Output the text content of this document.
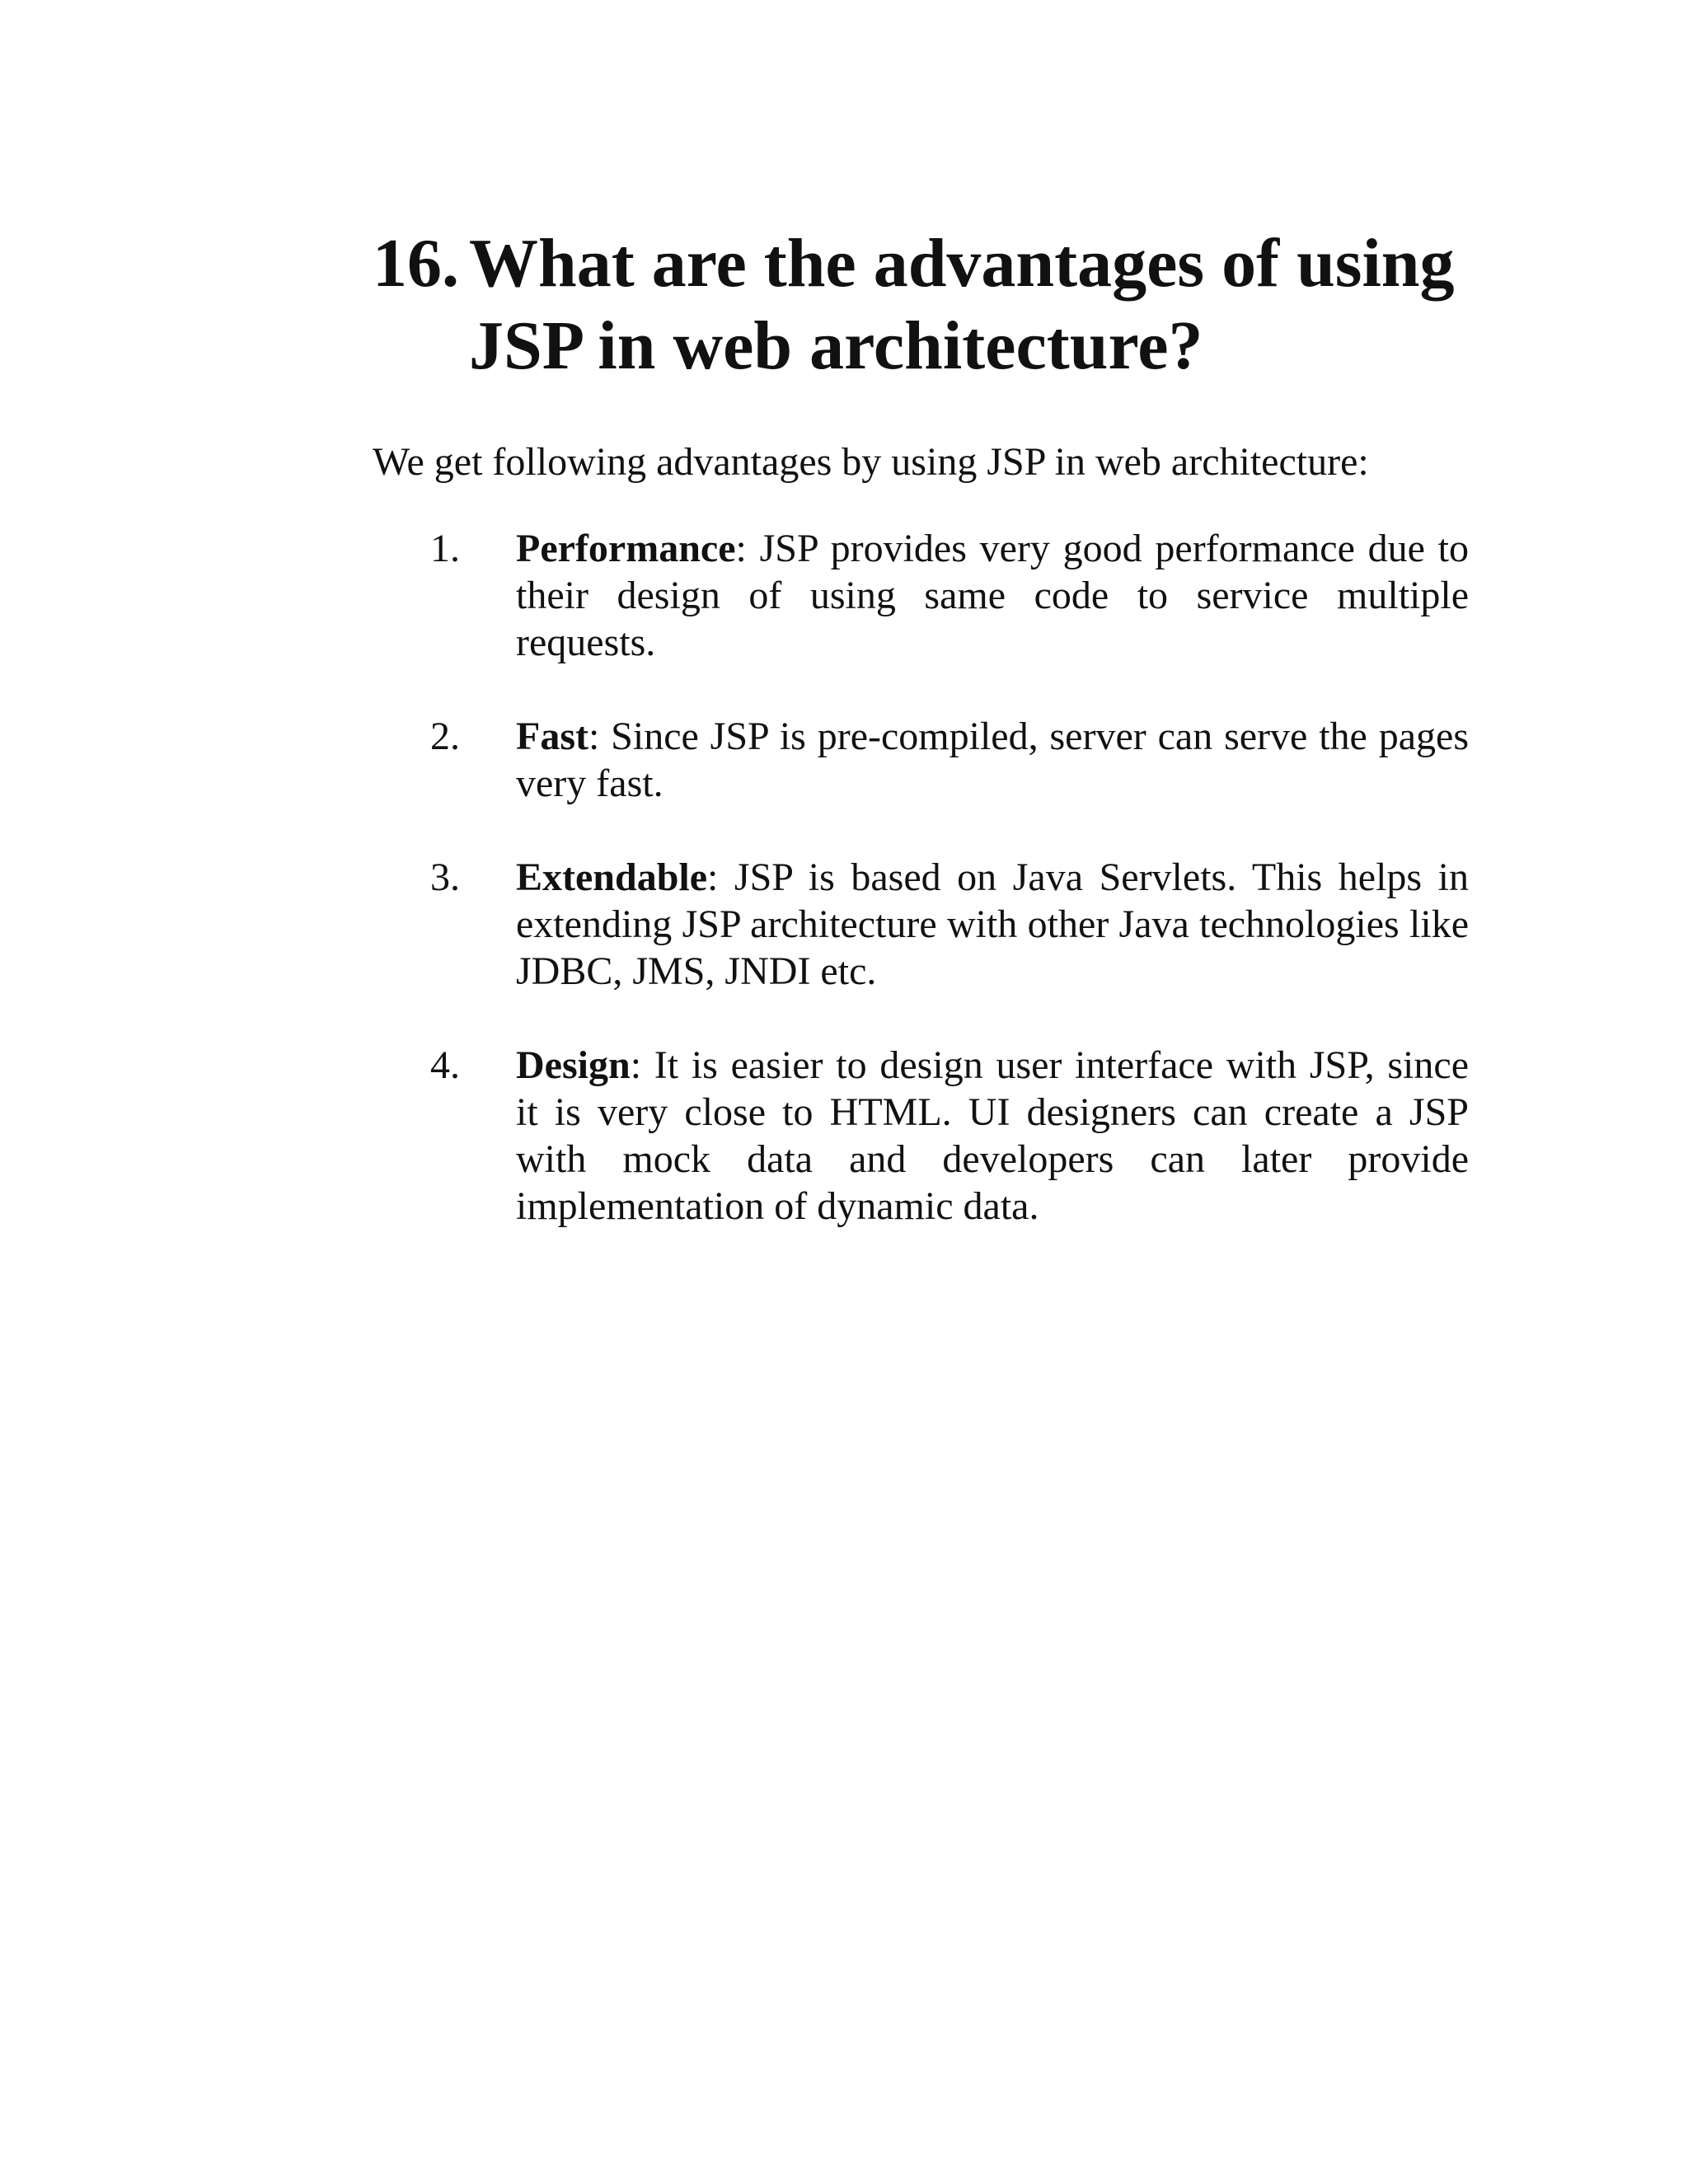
16. What are the advantages of using JSP in web architecture?

We get following advantages by using JSP in web architecture:

1.	Performance: JSP provides very good performance due to their design of using same code to service multiple requests.
2.	Fast: Since JSP is pre-compiled, server can serve the pages very fast.
3.	Extendable: JSP is based on Java Servlets. This helps in extending JSP architecture with other Java technologies like JDBC, JMS, JNDI etc.
4.	Design: It is easier to design user interface with JSP, since it is very close to HTML. UI designers can create a JSP with mock data and developers can later provide implementation of dynamic data.
